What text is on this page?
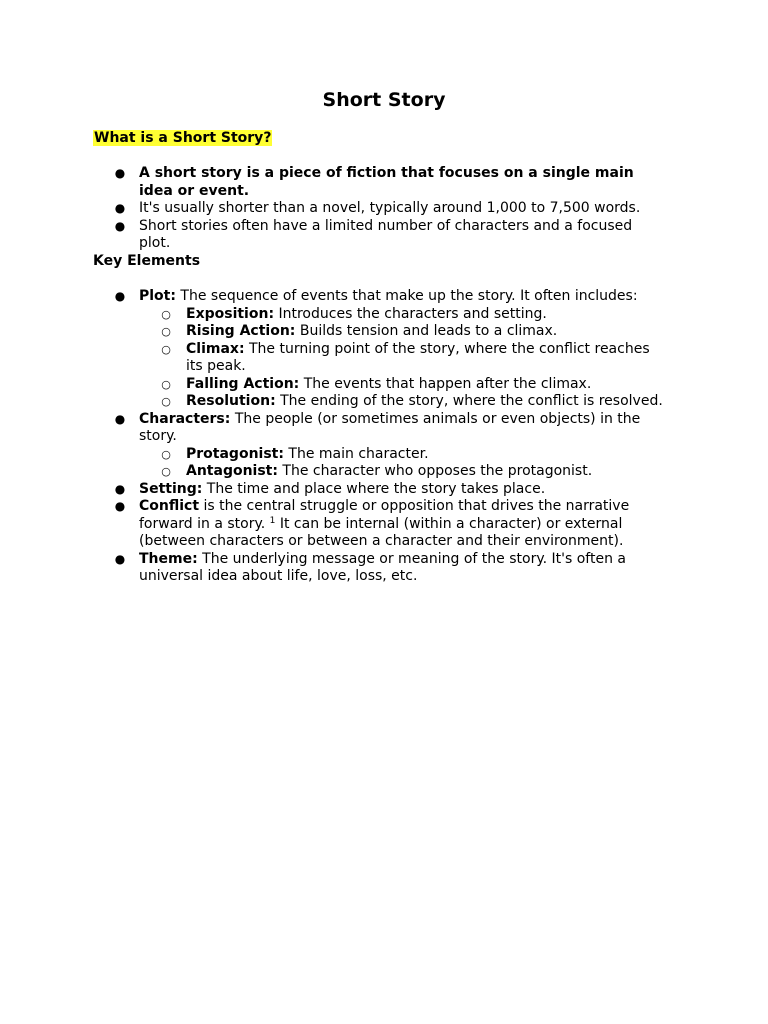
Short Story
What is a Short Story?
● A short story is a piece of fiction that focuses on a single main idea or event.
● It's usually shorter than a novel, typically around 1,000 to 7,500 words.
● Short stories often have a limited number of characters and a focused plot.
Key Elements
● Plot: The sequence of events that make up the story. It often includes:
○ Exposition: Introduces the characters and setting.
○ Rising Action: Builds tension and leads to a climax.
○ Climax: The turning point of the story, where the conflict reaches its peak.
○ Falling Action: The events that happen after the climax.
○ Resolution: The ending of the story, where the conflict is resolved.
● Characters: The people (or sometimes animals or even objects) in the story.
○ Protagonist: The main character.
○ Antagonist: The character who opposes the protagonist.
● Setting: The time and place where the story takes place.
● Conflict is the central struggle or opposition that drives the narrative forward in a story. $^1$ It can be internal (within a character) or external (between characters or between a character and their environment).
● Theme: The underlying message or meaning of the story. It's often a universal idea about life, love, loss, etc.
